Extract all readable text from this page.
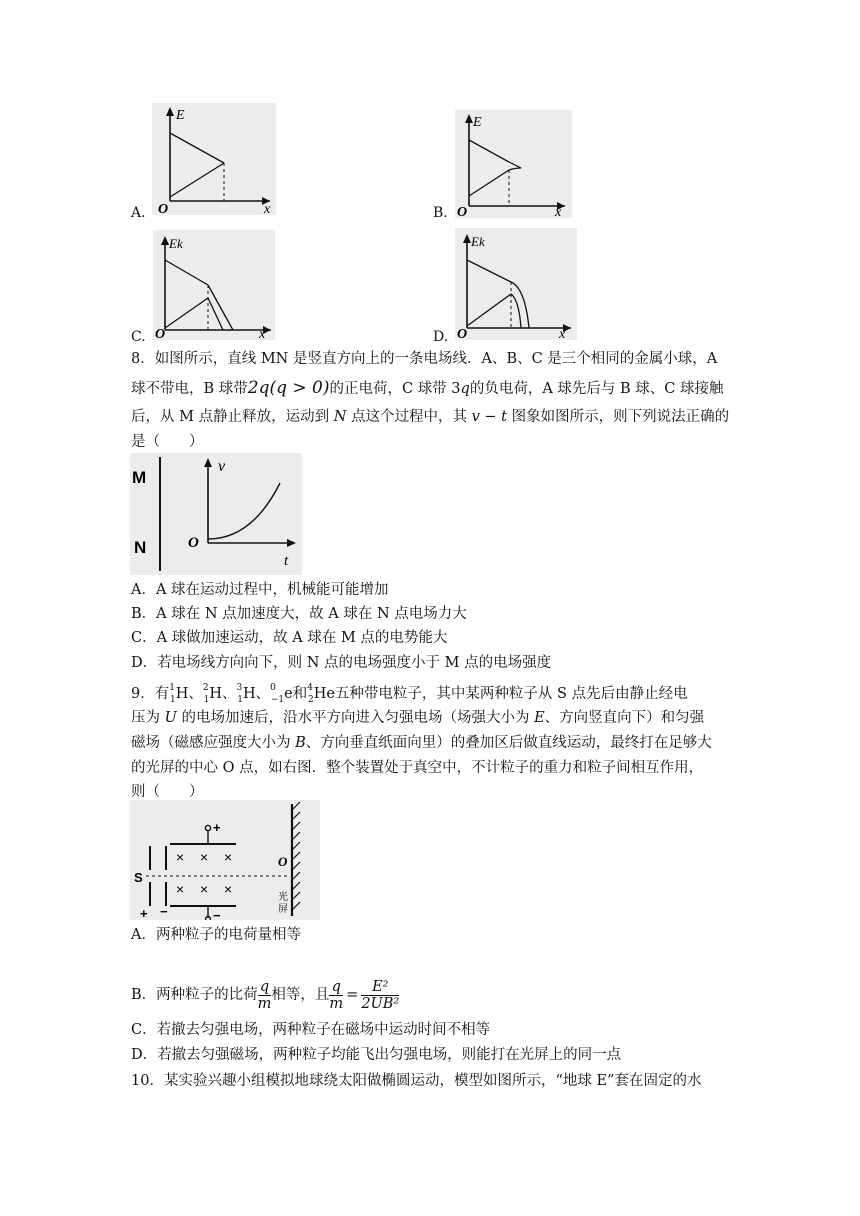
A.
E
O	x	B.
E
O	x
C.
Ek
O	x	D.
Ek
O	x
8．如图所示，直线 MN 是竖直方向上的一条电场线．A、B、C 是三个相同的金属小球，A
球不带电，B 球带2q(q > 0)的正电荷，C 球带 3q的负电荷，A 球先后与 B 球、C 球接触
后，从 M 点静止释放，运动到 N 点这个过程中，其 v − t 图象如图所示，则下列说法正确的
是（　　）
M
N
v
O
t
A．A 球在运动过程中，机械能可能增加
B．A 球在 N 点加速度大，故 A 球在 N 点电场力大
C．A 球做加速运动，故 A 球在 M 点的电势能大
D．若电场线方向向下，则 N 点的电场强度小于 M 点的电场强度
9．有$^1_1$H、$^2_1$H、$^3_1$H、$^0_{-1}$e和$^4_2$He五种带电粒子，其中某两种粒子从 S 点先后由静止经电
压为 U 的电场加速后，沿水平方向进入匀强电场（场强大小为 E、方向竖直向下）和匀强
磁场（磁感应强度大小为 B、方向垂直纸面向里）的叠加区后做直线运动，最终打在足够大
的光屏的中心 O 点，如右图．整个装置处于真空中，不计粒子的重力和粒子间相互作用，
则（　　）
S
+ −
+
−
× × ×
× × ×
O
光
屏
A．两种粒子的电荷量相等
B．两种粒子的比荷 $\frac{q}{m}$ 相等，且 $\frac{q}{m} = \frac{\text{E²}}{\text{2UB²}}$
C．若撤去匀强电场，两种粒子在磁场中运动时间不相等
D．若撤去匀强磁场，两种粒子均能飞出匀强电场，则能打在光屏上的同一点
10．某实验兴趣小组模拟地球绕太阳做椭圆运动，模型如图所示，“地球 E”套在固定的水
